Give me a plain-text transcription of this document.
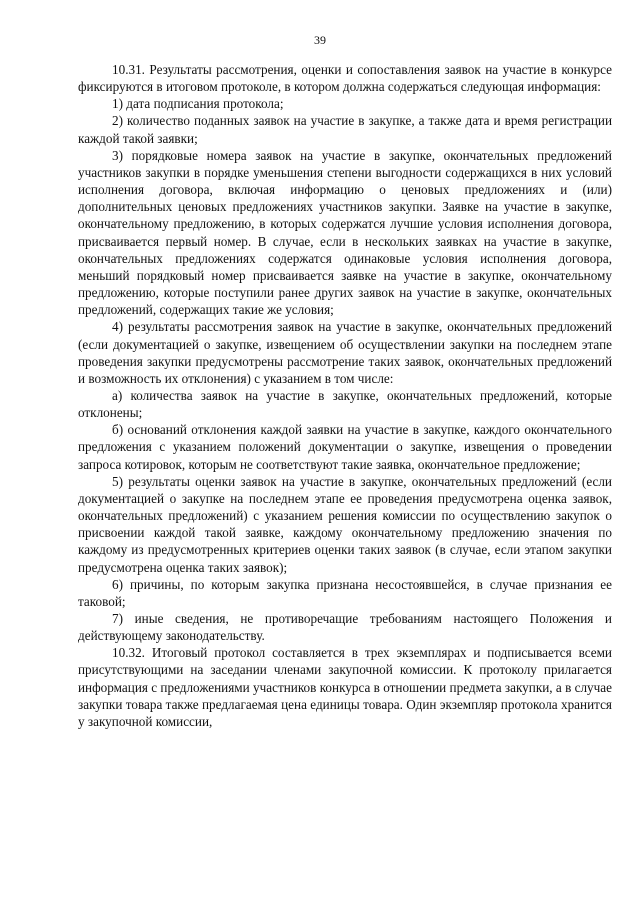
39

10.31. Результаты рассмотрения, оценки и сопоставления заявок на участие в конкурсе фиксируются в итоговом протоколе, в котором должна содержаться следующая информация:

1) дата подписания протокола;

2) количество поданных заявок на участие в закупке, а также дата и время регистрации каждой такой заявки;

3) порядковые номера заявок на участие в закупке, окончательных предложений участников закупки в порядке уменьшения степени выгодности содержащихся в них условий исполнения договора, включая информацию о ценовых предложениях и (или) дополнительных ценовых предложениях участников закупки. Заявке на участие в закупке, окончательному предложению, в которых содержатся лучшие условия исполнения договора, присваивается первый номер. В случае, если в нескольких заявках на участие в закупке, окончательных предложениях содержатся одинаковые условия исполнения договора, меньший порядковый номер присваивается заявке на участие в закупке, окончательному предложению, которые поступили ранее других заявок на участие в закупке, окончательных предложений, содержащих такие же условия;

4) результаты рассмотрения заявок на участие в закупке, окончательных предложений (если документацией о закупке, извещением об осуществлении закупки на последнем этапе проведения закупки предусмотрены рассмотрение таких заявок, окончательных предложений и возможность их отклонения) с указанием в том числе:

а) количества заявок на участие в закупке, окончательных предложений, которые отклонены;

б) оснований отклонения каждой заявки на участие в закупке, каждого окончательного предложения с указанием положений документации о закупке, извещения о проведении запроса котировок, которым не соответствуют такие заявка, окончательное предложение;

5) результаты оценки заявок на участие в закупке, окончательных предложений (если документацией о закупке на последнем этапе ее проведения предусмотрена оценка заявок, окончательных предложений) с указанием решения комиссии по осуществлению закупок о присвоении каждой такой заявке, каждому окончательному предложению значения по каждому из предусмотренных критериев оценки таких заявок (в случае, если этапом закупки предусмотрена оценка таких заявок);

6) причины, по которым закупка признана несостоявшейся, в случае признания ее таковой;

7) иные сведения, не противоречащие требованиям настоящего Положения и действующему законодательству.

10.32. Итоговый протокол составляется в трех экземплярах и подписывается всеми присутствующими на заседании членами закупочной комиссии. К протоколу прилагается информация с предложениями участников конкурса в отношении предмета закупки, а в случае закупки товара также предлагаемая цена единицы товара. Один экземпляр протокола хранится у закупочной комиссии,
